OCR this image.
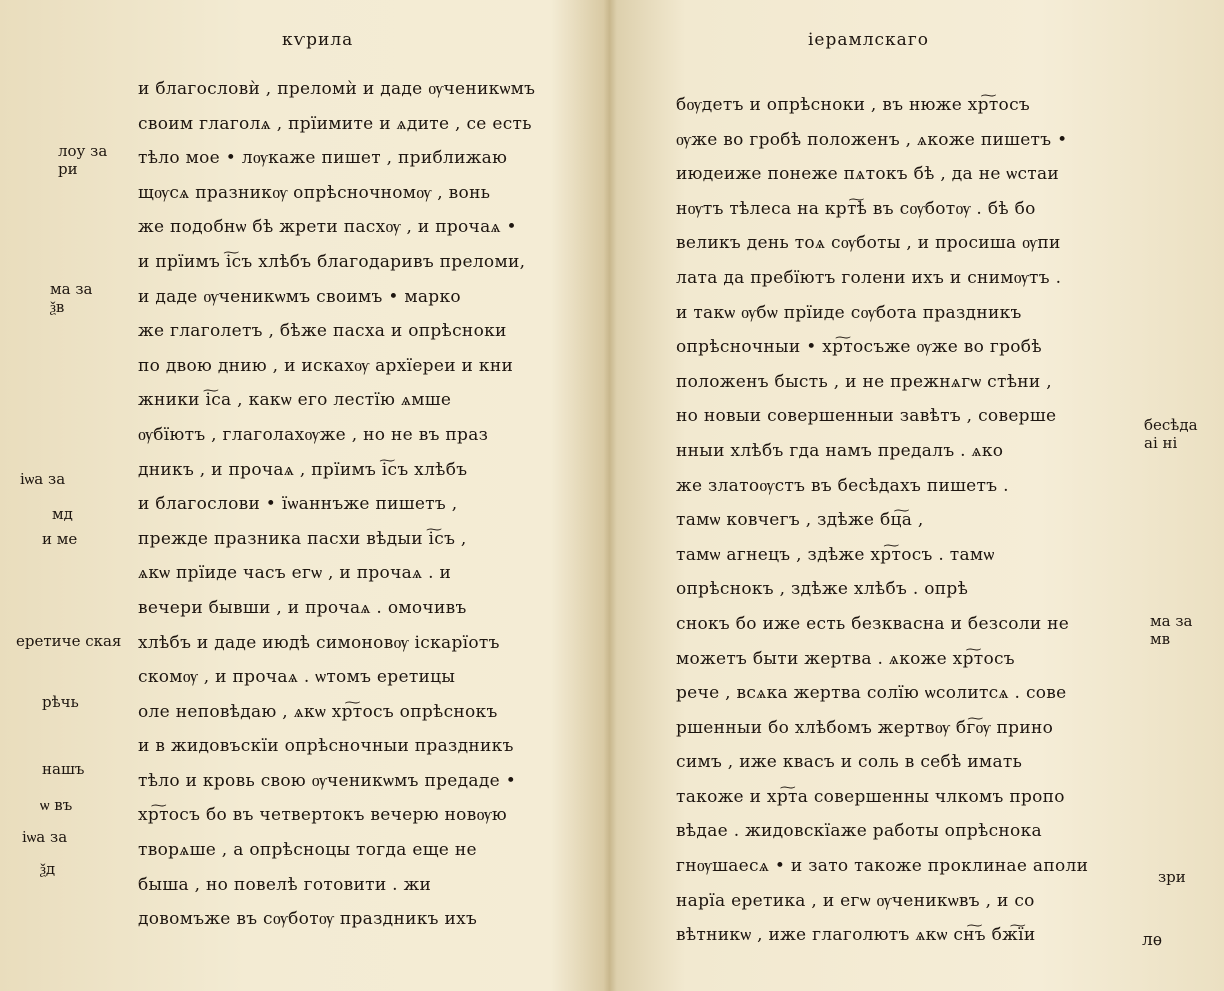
кѵрила
и благословѝ , преломѝ и даде ѹченикѡмъ
своим глаголѧ , прїимите и ѧдите , се есть
тѣло мое • лѹкаже пишет , приближаю
щѹсѧ празникѹ опрѣсночномѹ , вонь
же подобнѡ бѣ жрети пасхѹ , и прочаѧ •
и прїимъ і͠съ хлѣбъ благодаривъ преломи,
и даде ѹченикѡмъ своимъ • марко
же глаголетъ , бѣже пасха и опрѣсноки
по двою днию , и искахѹ архїереи и кни
жники і͠са , какѡ его лестїю ѧмше
ѹбїютъ , глаголахѹже , но не въ праз
дникъ , и прочаѧ , прїимъ і͠съ хлѣбъ
и благослови • їѡаннъже пишетъ ,
прежде празника пасхи вѣдыи і͠съ ,
ѧкѡ прїиде часъ егѡ , и прочаѧ . и
вечери бывши , и прочаѧ . омочивъ
хлѣбъ и даде июдѣ симоновѹ іскарїотъ
скомѹ , и прочаѧ . ѡтомъ еретицы
оле неповѣдаю , ѧкѡ хр͠тосъ опрѣснокъ
и в жидовъскїи опрѣсночныи праздникъ
тѣло и кровь свою ѹченикѡмъ предаде •
хр͠тосъ бо въ четвертокъ вечерю новѹю
творѧше , а опрѣсноцы тогда еще не
быша , но повелѣ готовити . жи
довомъже въ сѹботѹ праздникъ ихъ
лоу за ри
ма за ѯв
іѡа за
мд
и ме
еретиче ская
рѣчь
нашъ
ѡ въ
іѡа за
ѯд
іерамлскаго
бѹдетъ и опрѣсноки , въ нюже хр͠тосъ
ѹже во гробѣ положенъ , ѧкоже пишетъ •
июдеиже понеже пѧтокъ бѣ , да не ѡстаи
нѹтъ тѣлеса на крт͠ѣ въ сѹботѹ . бѣ бо
великъ день тоѧ сѹботы , и просиша ѹпи
лата да пребїютъ голени ихъ и снимѹтъ .
и такѡ ѹбѡ прїиде сѹбота праздникъ
опрѣсночныи • хр͠тосъже ѹже во гробѣ
положенъ бысть , и не прежнѧгѡ стѣни ,
но новыи совершенныи завѣтъ , соверше
нныи хлѣбъ гда намъ предалъ . ѧко
же златоѹстъ въ бесѣдахъ пишетъ .
тамѡ ковчегъ , здѣже бц͠а ,
тамѡ агнецъ , здѣже хр͠тосъ . тамѡ
опрѣснокъ , здѣже хлѣбъ . опрѣ
снокъ бо иже есть безквасна и безсоли не
можетъ быти жертва . ѧкоже хр͠тосъ
рече , всѧка жертва солїю ѡсолитсѧ . сове
ршенныи бо хлѣбомъ жертвѹ бг͠ѹ прино
симъ , иже квасъ и соль в себѣ имать
такоже и хр͠та совершенны члкомъ пропо
вѣдае . жидовскїаже работы опрѣснока
гнѹшаесѧ • и зато такоже проклинае аполи
нарїа еретика , и егѡ ѹченикѡвъ , и со
вѣтникѡ , иже глаголютъ ѧкѡ сн͠ъ бж͠їи
бесѣда аі ні
ма за мв
зри
лѳ
